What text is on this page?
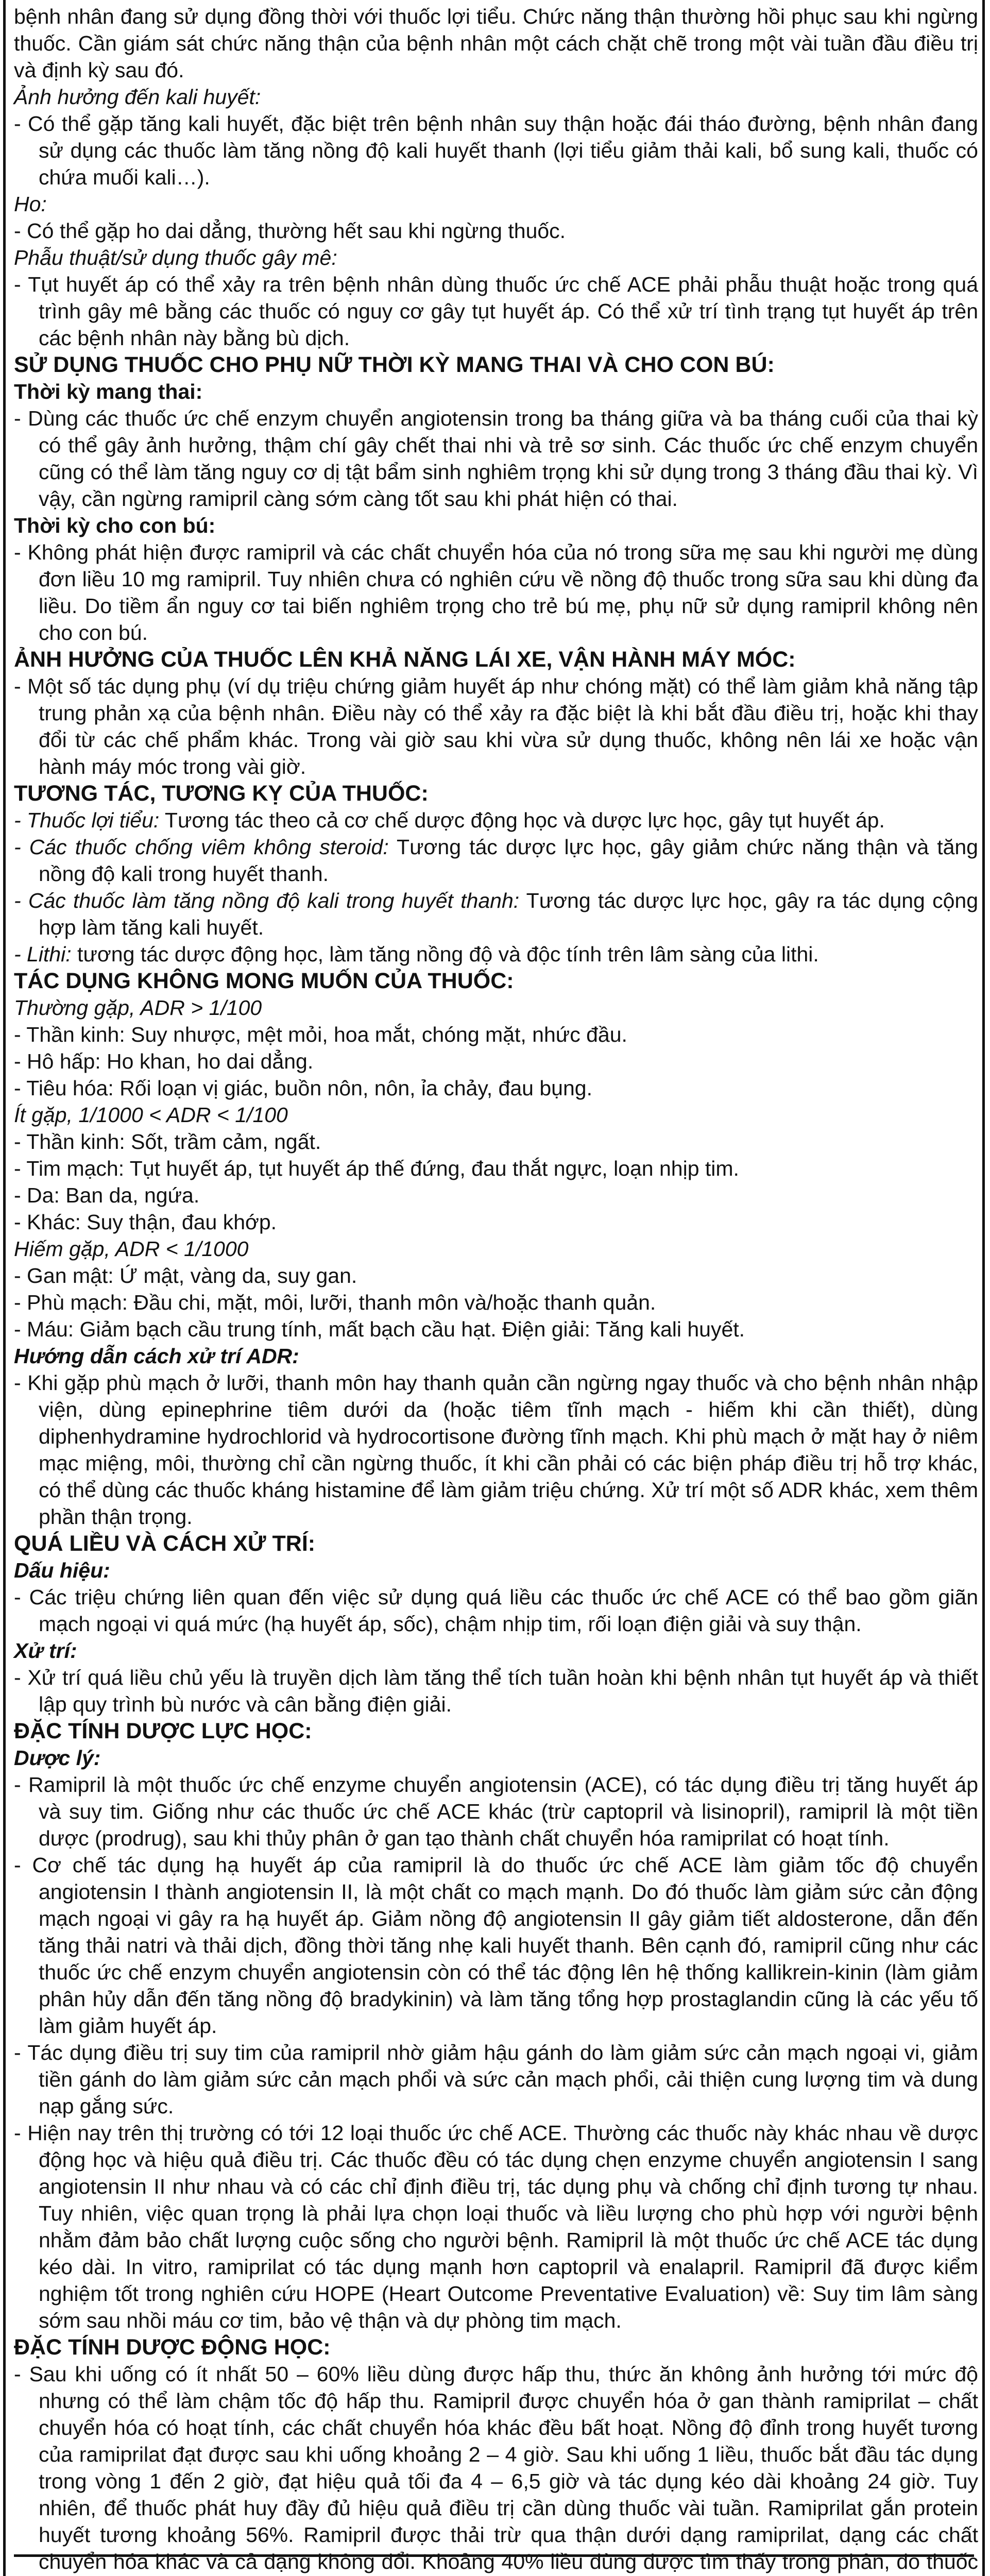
bệnh nhân đang sử dụng đồng thời với thuốc lợi tiểu. Chức năng thận thường hồi phục sau khi ngừng thuốc. Cần giám sát chức năng thận của bệnh nhân một cách chặt chẽ trong một vài tuần đầu điều trị và định kỳ sau đó.

Ảnh hưởng đến kali huyết:

- Có thể gặp tăng kali huyết, đặc biệt trên bệnh nhân suy thận hoặc đái tháo đường, bệnh nhân đang sử dụng các thuốc làm tăng nồng độ kali huyết thanh (lợi tiểu giảm thải kali, bổ sung kali, thuốc có chứa muối kali…).

Ho:

- Có thể gặp ho dai dẳng, thường hết sau khi ngừng thuốc.

Phẫu thuật/sử dụng thuốc gây mê:

- Tụt huyết áp có thể xảy ra trên bệnh nhân dùng thuốc ức chế ACE phải phẫu thuật hoặc trong quá trình gây mê bằng các thuốc có nguy cơ gây tụt huyết áp. Có thể xử trí tình trạng tụt huyết áp trên các bệnh nhân này bằng bù dịch.

SỬ DỤNG THUỐC CHO PHỤ NỮ THỜI KỲ MANG THAI VÀ CHO CON BÚ:

Thời kỳ mang thai:

- Dùng các thuốc ức chế enzym chuyển angiotensin trong ba tháng giữa và ba tháng cuối của thai kỳ có thể gây ảnh hưởng, thậm chí gây chết thai nhi và trẻ sơ sinh. Các thuốc ức chế enzym chuyển cũng có thể làm tăng nguy cơ dị tật bẩm sinh nghiêm trọng khi sử dụng trong 3 tháng đầu thai kỳ. Vì vậy, cần ngừng ramipril càng sớm càng tốt sau khi phát hiện có thai.

Thời kỳ cho con bú:

- Không phát hiện được ramipril và các chất chuyển hóa của nó trong sữa mẹ sau khi người mẹ dùng đơn liều 10 mg ramipril. Tuy nhiên chưa có nghiên cứu về nồng độ thuốc trong sữa sau khi dùng đa liều. Do tiềm ẩn nguy cơ tai biến nghiêm trọng cho trẻ bú mẹ, phụ nữ sử dụng ramipril không nên cho con bú.

ẢNH HƯỞNG CỦA THUỐC LÊN KHẢ NĂNG LÁI XE, VẬN HÀNH MÁY MÓC:

- Một số tác dụng phụ (ví dụ triệu chứng giảm huyết áp như chóng mặt) có thể làm giảm khả năng tập trung phản xạ của bệnh nhân. Điều này có thể xảy ra đặc biệt là khi bắt đầu điều trị, hoặc khi thay đổi từ các chế phẩm khác. Trong vài giờ sau khi vừa sử dụng thuốc, không nên lái xe hoặc vận hành máy móc trong vài giờ.

TƯƠNG TÁC, TƯƠNG KỴ CỦA THUỐC:

- Thuốc lợi tiểu: Tương tác theo cả cơ chế dược động học và dược lực học, gây tụt huyết áp.

- Các thuốc chống viêm không steroid: Tương tác dược lực học, gây giảm chức năng thận và tăng nồng độ kali trong huyết thanh.

- Các thuốc làm tăng nồng độ kali trong huyết thanh: Tương tác dược lực học, gây ra tác dụng cộng hợp làm tăng kali huyết.

- Lithi: tương tác dược động học, làm tăng nồng độ và độc tính trên lâm sàng của lithi.

TÁC DỤNG KHÔNG MONG MUỐN CỦA THUỐC:

Thường gặp, ADR > 1/100

- Thần kinh: Suy nhược, mệt mỏi, hoa mắt, chóng mặt, nhức đầu.

- Hô hấp: Ho khan, ho dai dẳng.

- Tiêu hóa: Rối loạn vị giác, buồn nôn, nôn, ỉa chảy, đau bụng.

Ít gặp, 1/1000 < ADR < 1/100

- Thần kinh: Sốt, trầm cảm, ngất.

- Tim mạch: Tụt huyết áp, tụt huyết áp thế đứng, đau thắt ngực, loạn nhịp tim.

- Da: Ban da, ngứa.

- Khác: Suy thận, đau khớp.

Hiếm gặp, ADR < 1/1000

- Gan mật: Ứ mật, vàng da, suy gan.

- Phù mạch: Đầu chi, mặt, môi, lưỡi, thanh môn và/hoặc thanh quản.

- Máu: Giảm bạch cầu trung tính, mất bạch cầu hạt. Điện giải: Tăng kali huyết.

Hướng dẫn cách xử trí ADR:

- Khi gặp phù mạch ở lưỡi, thanh môn hay thanh quản cần ngừng ngay thuốc và cho bệnh nhân nhập viện, dùng epinephrine tiêm dưới da (hoặc tiêm tĩnh mạch - hiếm khi cần thiết), dùng diphenhydramine hydrochlorid và hydrocortisone đường tĩnh mạch. Khi phù mạch ở mặt hay ở niêm mạc miệng, môi, thường chỉ cần ngừng thuốc, ít khi cần phải có các biện pháp điều trị hỗ trợ khác, có thể dùng các thuốc kháng histamine để làm giảm triệu chứng. Xử trí một số ADR khác, xem thêm phần thận trọng.

QUÁ LIỀU VÀ CÁCH XỬ TRÍ:

Dấu hiệu:

- Các triệu chứng liên quan đến việc sử dụng quá liều các thuốc ức chế ACE có thể bao gồm giãn mạch ngoại vi quá mức (hạ huyết áp, sốc), chậm nhịp tim, rối loạn điện giải và suy thận.

Xử trí:

- Xử trí quá liều chủ yếu là truyền dịch làm tăng thể tích tuần hoàn khi bệnh nhân tụt huyết áp và thiết lập quy trình bù nước và cân bằng điện giải.

ĐẶC TÍNH DƯỢC LỰC HỌC:

Dược lý:

- Ramipril là một thuốc ức chế enzyme chuyển angiotensin (ACE), có tác dụng điều trị tăng huyết áp và suy tim. Giống như các thuốc ức chế ACE khác (trừ captopril và lisinopril), ramipril là một tiền dược (prodrug), sau khi thủy phân ở gan tạo thành chất chuyển hóa ramiprilat có hoạt tính.

- Cơ chế tác dụng hạ huyết áp của ramipril là do thuốc ức chế ACE làm giảm tốc độ chuyển angiotensin I thành angiotensin II, là một chất co mạch mạnh. Do đó thuốc làm giảm sức cản động mạch ngoại vi gây ra hạ huyết áp. Giảm nồng độ angiotensin II gây giảm tiết aldosterone, dẫn đến tăng thải natri và thải dịch, đồng thời tăng nhẹ kali huyết thanh. Bên cạnh đó, ramipril cũng như các thuốc ức chế enzym chuyển angiotensin còn có thể tác động lên hệ thống kallikrein-kinin (làm giảm phân hủy dẫn đến tăng nồng độ bradykinin) và làm tăng tổng hợp prostaglandin cũng là các yếu tố làm giảm huyết áp.

- Tác dụng điều trị suy tim của ramipril nhờ giảm hậu gánh do làm giảm sức cản mạch ngoại vi, giảm tiền gánh do làm giảm sức cản mạch phổi và sức cản mạch phổi, cải thiện cung lượng tim và dung nạp gắng sức.

- Hiện nay trên thị trường có tới 12 loại thuốc ức chế ACE. Thường các thuốc này khác nhau về dược động học và hiệu quả điều trị. Các thuốc đều có tác dụng chẹn enzyme chuyển angiotensin I sang angiotensin II như nhau và có các chỉ định điều trị, tác dụng phụ và chống chỉ định tương tự nhau. Tuy nhiên, việc quan trọng là phải lựa chọn loại thuốc và liều lượng cho phù hợp với người bệnh nhằm đảm bảo chất lượng cuộc sống cho người bệnh. Ramipril là một thuốc ức chế ACE tác dụng kéo dài. In vitro, ramiprilat có tác dụng mạnh hơn captopril và enalapril. Ramipril đã được kiểm nghiệm tốt trong nghiên cứu HOPE (Heart Outcome Preventative Evaluation) về: Suy tim lâm sàng sớm sau nhồi máu cơ tim, bảo vệ thận và dự phòng tim mạch.

ĐẶC TÍNH DƯỢC ĐỘNG HỌC:

- Sau khi uống có ít nhất 50 – 60% liều dùng được hấp thu, thức ăn không ảnh hưởng tới mức độ nhưng có thể làm chậm tốc độ hấp thu. Ramipril được chuyển hóa ở gan thành ramiprilat – chất chuyển hóa có hoạt tính, các chất chuyển hóa khác đều bất hoạt. Nồng độ đỉnh trong huyết tương của ramiprilat đạt được sau khi uống khoảng 2 – 4 giờ. Sau khi uống 1 liều, thuốc bắt đầu tác dụng trong vòng 1 đến 2 giờ, đạt hiệu quả tối đa 4 – 6,5 giờ và tác dụng kéo dài khoảng 24 giờ. Tuy nhiên, để thuốc phát huy đầy đủ hiệu quả điều trị cần dùng thuốc vài tuần. Ramiprilat gắn protein huyết tương khoảng 56%. Ramipril được thải trừ qua thận dưới dạng ramiprilat, dạng các chất chuyển hóa khác và cả dạng không đổi. Khoảng 40% liều dùng được tìm thấy trong phân, do thuốc
